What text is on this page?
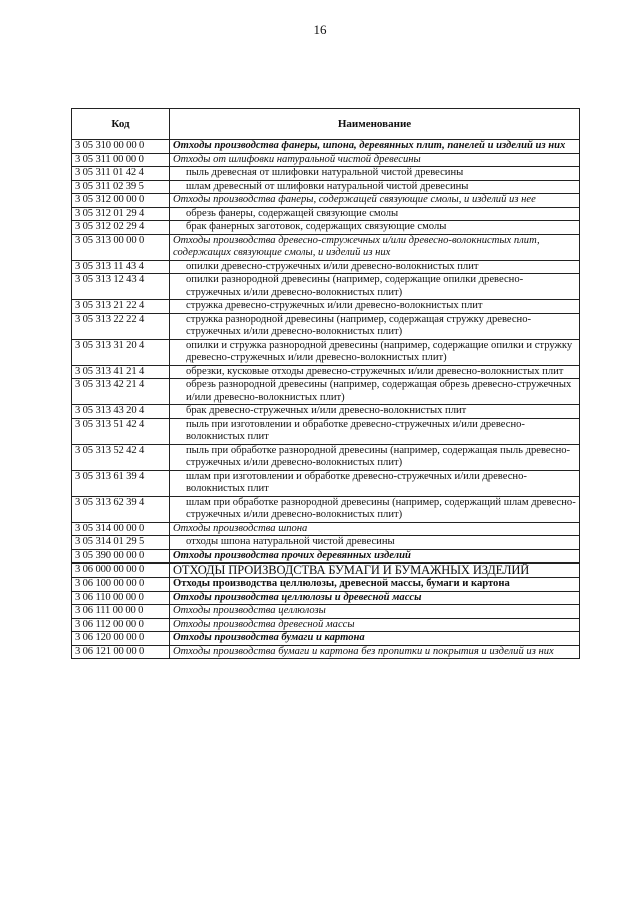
16
Код	Наименование
3 05 310 00 00 0	Отходы производства фанеры, шпона, деревянных плит, панелей и изделий из них
3 05 311 00 00 0	Отходы от шлифовки натуральной чистой древесины
3 05 311 01 42 4	пыль древесная от шлифовки натуральной чистой древесины
3 05 311 02 39 5	шлам древесный от шлифовки натуральной чистой древесины
3 05 312 00 00 0	Отходы производства фанеры, содержащей связующие смолы, и изделий из нее
3 05 312 01 29 4	обрезь фанеры, содержащей связующие смолы
3 05 312 02 29 4	брак фанерных заготовок, содержащих связующие смолы
3 05 313 00 00 0	Отходы производства древесно-стружечных и/или древесно-волокнистых плит, содержащих связующие смолы, и изделий из них
3 05 313 11 43 4	опилки древесно-стружечных и/или древесно-волокнистых плит
3 05 313 12 43 4	опилки разнородной древесины (например, содержащие опилки древесно-стружечных и/или древесно-волокнистых плит)
3 05 313 21 22 4	стружка древесно-стружечных и/или древесно-волокнистых плит
3 05 313 22 22 4	стружка разнородной древесины (например, содержащая стружку древесно-стружечных и/или древесно-волокнистых плит)
3 05 313 31 20 4	опилки и стружка разнородной древесины (например, содержащие опилки и стружку древесно-стружечных и/или древесно-волокнистых плит)
3 05 313 41 21 4	обрезки, кусковые отходы древесно-стружечных и/или древесно-волокнистых плит
3 05 313 42 21 4	обрезь разнородной древесины (например, содержащая обрезь древесно-стружечных и/или древесно-волокнистых плит)
3 05 313 43 20 4	брак древесно-стружечных и/или древесно-волокнистых плит
3 05 313 51 42 4	пыль при изготовлении и обработке древесно-стружечных и/или древесно-волокнистых плит
3 05 313 52 42 4	пыль при обработке разнородной древесины (например, содержащая пыль древесно-стружечных и/или древесно-волокнистых плит)
3 05 313 61 39 4	шлам при изготовлении и обработке древесно-стружечных и/или древесно-волокнистых плит
3 05 313 62 39 4	шлам при обработке разнородной древесины (например, содержащий шлам древесно-стружечных и/или древесно-волокнистых плит)
3 05 314 00 00 0	Отходы производства шпона
3 05 314 01 29 5	отходы шпона натуральной чистой древесины
3 05 390 00 00 0	Отходы производства прочих деревянных изделий

3 06 000 00 00 0	ОТХОДЫ ПРОИЗВОДСТВА БУМАГИ И БУМАЖНЫХ ИЗДЕЛИЙ
3 06 100 00 00 0	Отходы производства целлюлозы, древесной массы, бумаги и картона
3 06 110 00 00 0	Отходы производства целлюлозы и древесной массы
3 06 111 00 00 0	Отходы производства целлюлозы
3 06 112 00 00 0	Отходы производства древесной массы
3 06 120 00 00 0	Отходы производства бумаги и картона
3 06 121 00 00 0	Отходы производства бумаги и картона без пропитки и покрытия и изделий из них
